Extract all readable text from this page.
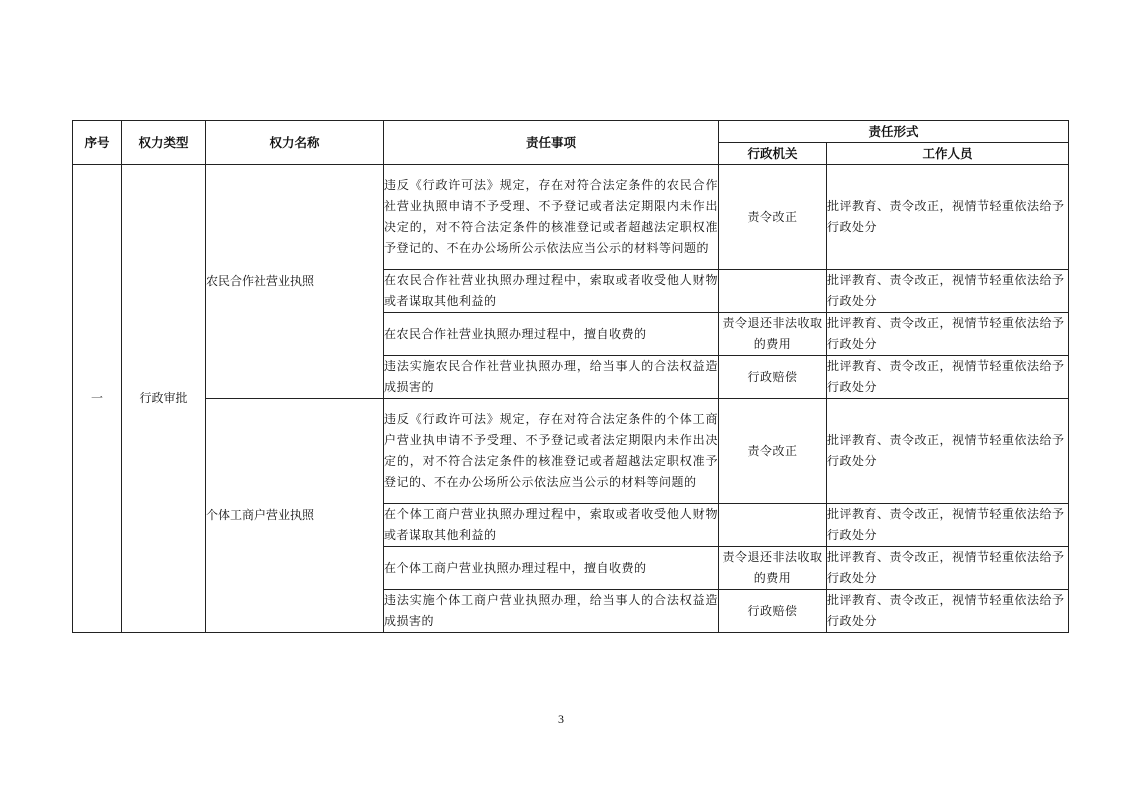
序号	权力类型	权力名称	责任事项	责任形式	
				行政机关	工作人员
一	行政审批	农民合作社营业执照	违反《行政许可法》规定，存在对符合法定条件的农民合作社营业执照申请不予受理、不予登记或者法定期限内未作出决定的，对不符合法定条件的核准登记或者超越法定职权准予登记的、不在办公场所公示依法应当公示的材料等问题的	责令改正	批评教育、责令改正，视情节轻重依法给予行政处分
			在农民合作社营业执照办理过程中，索取或者收受他人财物或者谋取其他利益的		批评教育、责令改正，视情节轻重依法给予行政处分
			在农民合作社营业执照办理过程中，擅自收费的	责令退还非法收取的费用	批评教育、责令改正，视情节轻重依法给予行政处分
			违法实施农民合作社营业执照办理，给当事人的合法权益造成损害的	行政赔偿	批评教育、责令改正，视情节轻重依法给予行政处分
		个体工商户营业执照	违反《行政许可法》规定，存在对符合法定条件的个体工商户营业执申请不予受理、不予登记或者法定期限内未作出决定的，对不符合法定条件的核准登记或者超越法定职权准予登记的、不在办公场所公示依法应当公示的材料等问题的	责令改正	批评教育、责令改正，视情节轻重依法给予行政处分
			在个体工商户营业执照办理过程中，索取或者收受他人财物或者谋取其他利益的		批评教育、责令改正，视情节轻重依法给予行政处分
			在个体工商户营业执照办理过程中，擅自收费的	责令退还非法收取的费用	批评教育、责令改正，视情节轻重依法给予行政处分
			违法实施个体工商户营业执照办理，给当事人的合法权益造成损害的	行政赔偿	批评教育、责令改正，视情节轻重依法给予行政处分
3
